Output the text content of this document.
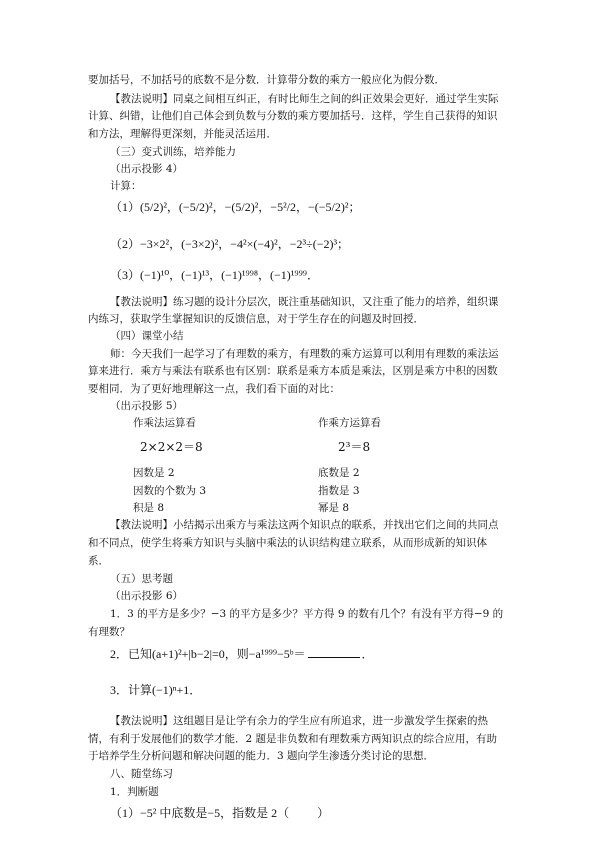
要加括号，不加括号的底数不是分数．计算带分数的乘方一般应化为假分数．

【教法说明】同桌之间相互纠正，有时比师生之间的纠正效果会更好．通过学生实际

计算、纠错，让他们自己体会到负数与分数的乘方要加括号．这样，学生自己获得的知识

和方法，理解得更深刻，并能灵活运用．

（三）变式训练，培养能力

（出示投影 4）

计算：

（1）(5/2)²，(−5/2)²，−(5/2)²，−5²/2，−(−5/2)²；

（2）−3×2²，(−3×2)²，−4²×(−4)²，−2³÷(−2)³；

（3）(−1)¹⁰，(−1)¹³，(−1)¹⁹⁹⁸，(−1)¹⁹⁹⁹．

【教法说明】练习题的设计分层次，既注重基础知识，又注重了能力的培养，组织课

内练习，获取学生掌握知识的反馈信息，对于学生存在的问题及时回授．

（四）课堂小结

师：今天我们一起学习了有理数的乘方，有理数的乘方运算可以利用有理数的乘法运

算来进行．乘方与乘法有联系也有区别：联系是乘方本质是乘法，区别是乘方中积的因数

要相同．为了更好地理解这一点，我们看下面的对比：

（出示投影 5）

作乘法运算看	作乘方运算看

2×2×2＝8	2³＝8

因数是 2	底数是 2

因数的个数为 3	指数是 3

积是 8	幂是 8

【教法说明】小结揭示出乘方与乘法这两个知识点的联系，并找出它们之间的共同点

和不同点，使学生将乘方知识与头脑中乘法的认识结构建立联系，从而形成新的知识体

系．

（五）思考题

（出示投影 6）

1．3 的平方是多少？−3 的平方是多少？平方得 9 的数有几个？有没有平方得−9 的

有理数？

2．已知(a+1)²+|b−2|=0，则−a¹⁹⁹⁹−5ᵇ＝	．

3．计算(−1)ⁿ+1．

【教法说明】这组题目是让学有余力的学生应有所追求，进一步激发学生探索的热

情，有利于发展他们的数学才能．2 题是非负数和有理数乘方两知识点的综合应用，有助

于培养学生分析问题和解决问题的能力．3 题向学生渗透分类讨论的思想．

八、随堂练习

1．判断题

（1）−5² 中底数是−5，指数是 2（ ）
